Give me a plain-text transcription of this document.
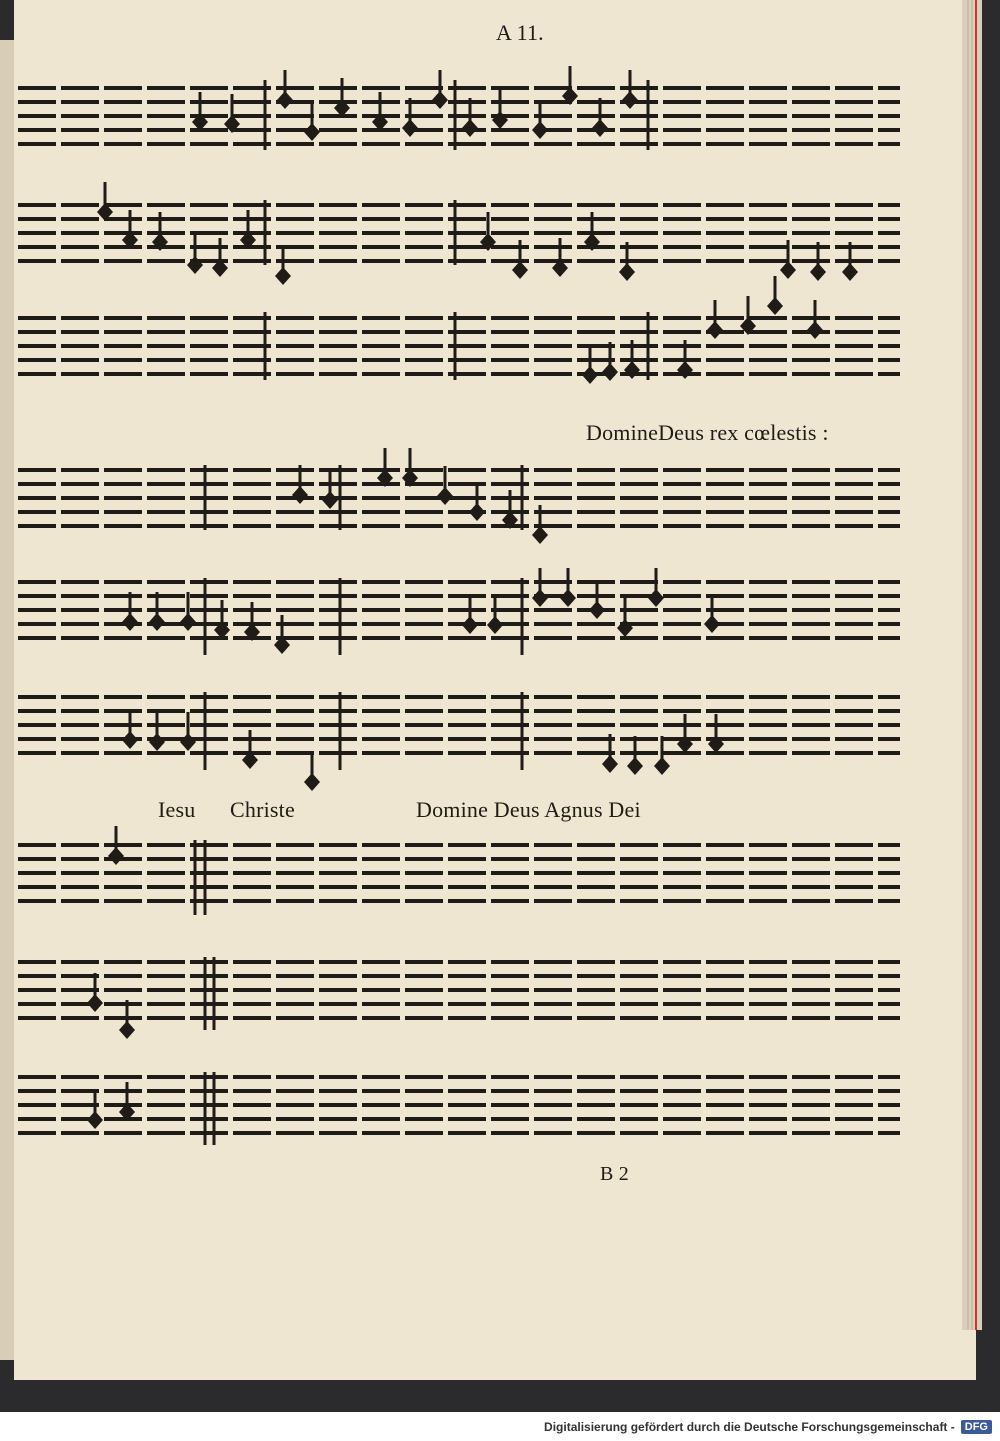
A 11.
DomineDeus rex cœlestis :
Iesu Christe	Domine Deus Agnus Dei
B 2
Digitalisierung gefördert durch die Deutsche Forschungsgemeinschaft - DFG
